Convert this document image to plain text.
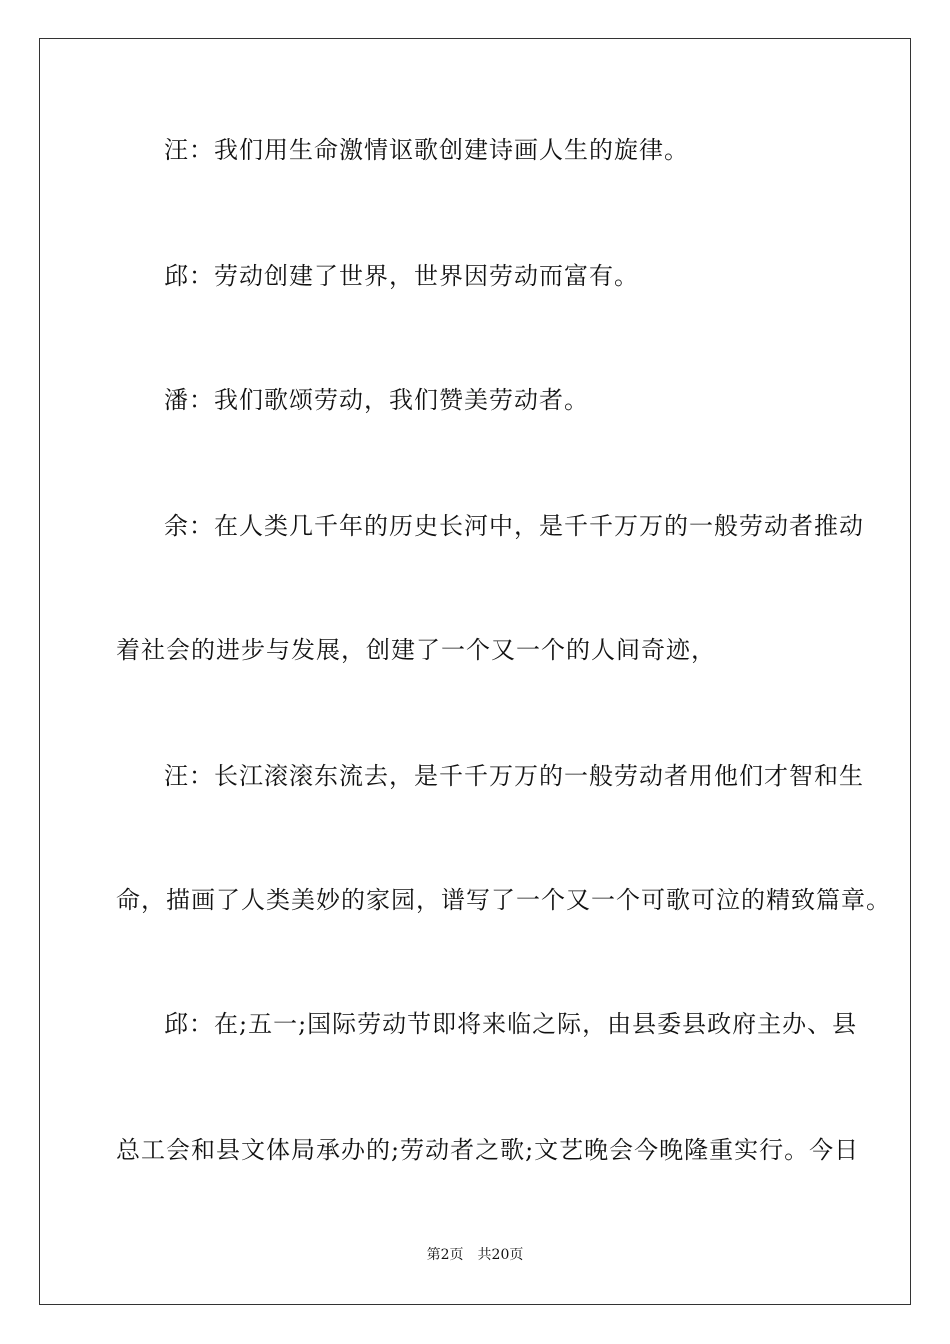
汪：我们用生命激情讴歌创建诗画人生的旋律。
邱：劳动创建了世界，世界因劳动而富有。
潘：我们歌颂劳动，我们赞美劳动者。
余：在人类几千年的历史长河中，是千千万万的一般劳动者推动
着社会的进步与发展，创建了一个又一个的人间奇迹，
汪：长江滚滚东流去，是千千万万的一般劳动者用他们才智和生
命，描画了人类美妙的家园，谱写了一个又一个可歌可泣的精致篇章。
邱：在;五一;国际劳动节即将来临之际，由县委县政府主办、县
总工会和县文体局承办的;劳动者之歌;文艺晚会今晚隆重实行。今日
第2页 共20页
